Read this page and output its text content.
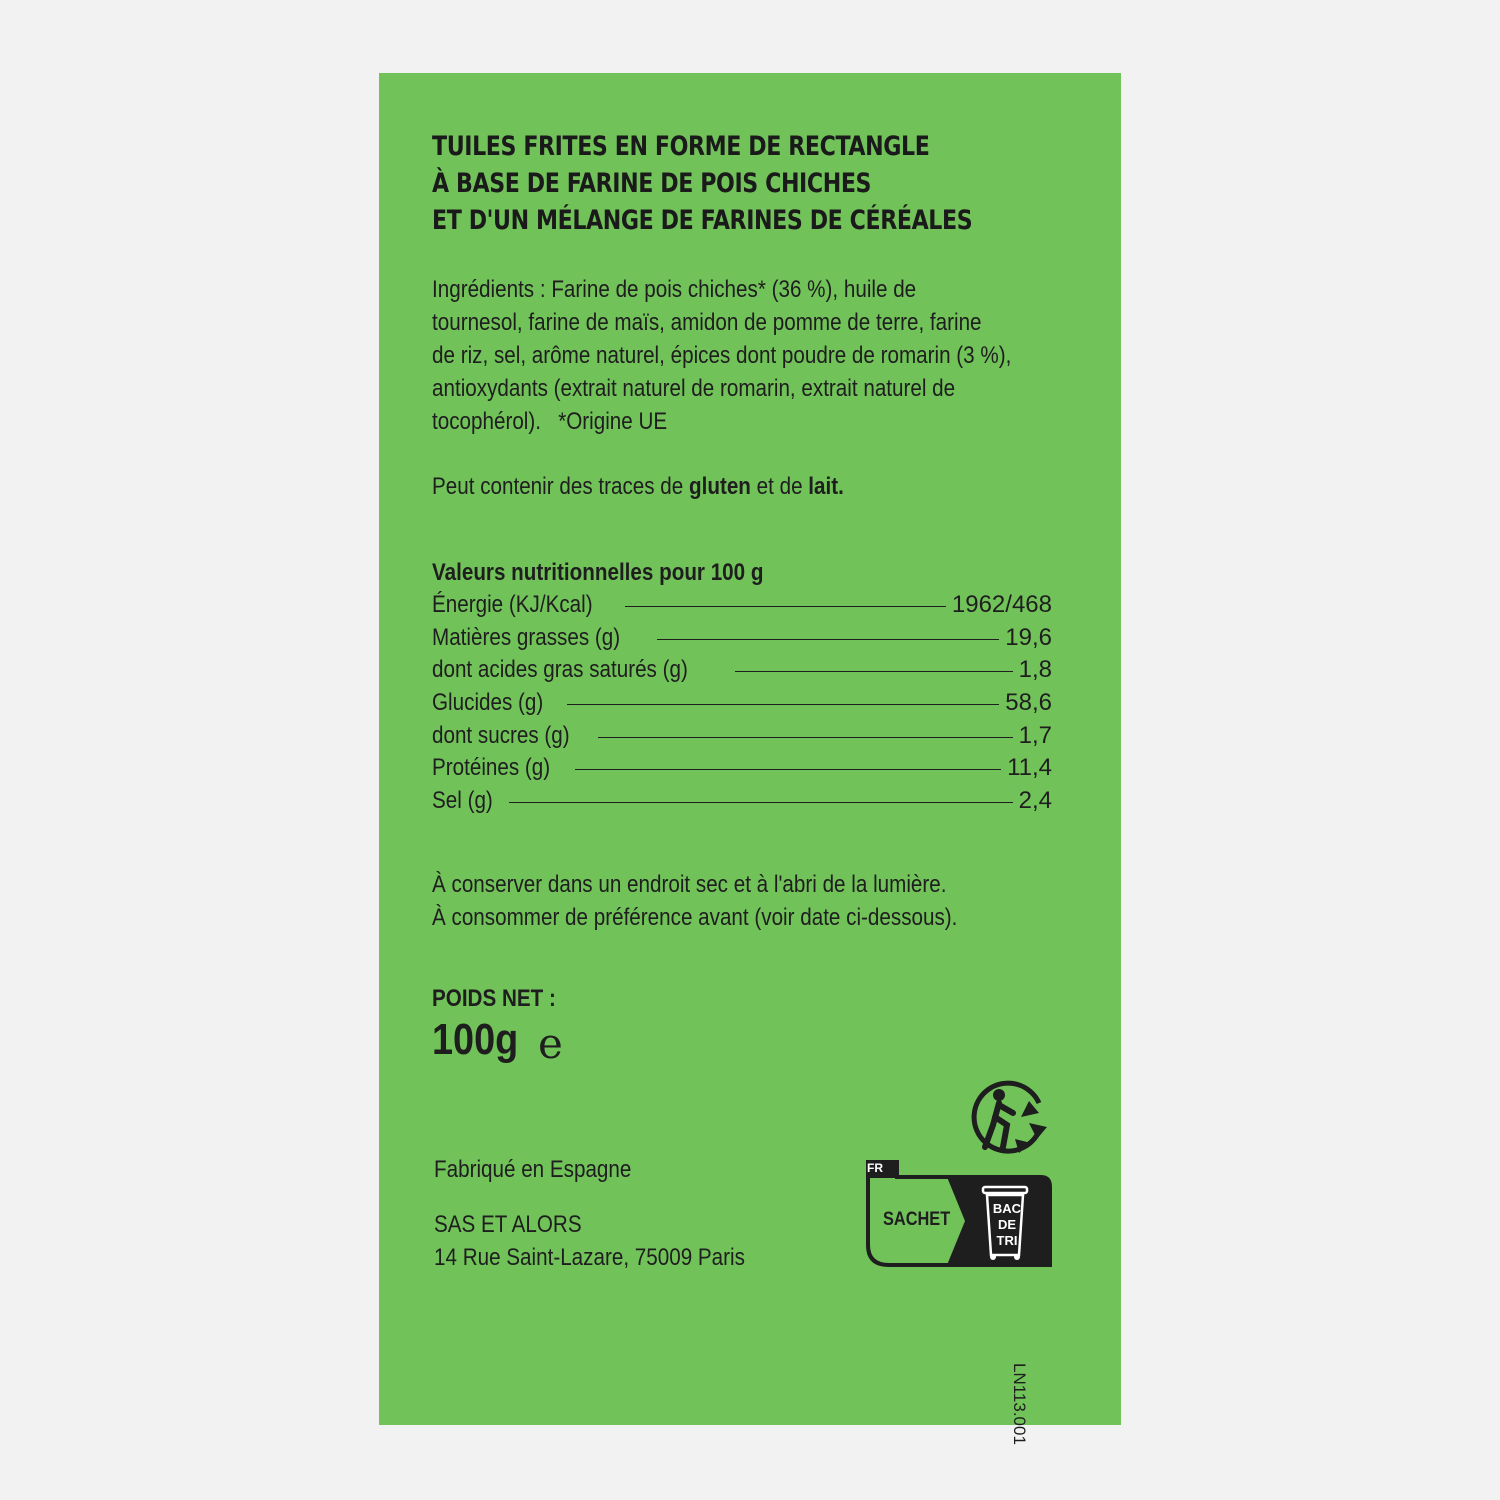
TUILES FRITES EN FORME DE RECTANGLE
À BASE DE FARINE DE POIS CHICHES
ET D'UN MÉLANGE DE FARINES DE CÉRÉALES
Ingrédients : Farine de pois chiches* (36 %), huile de
tournesol, farine de maïs, amidon de pomme de terre, farine
de riz, sel, arôme naturel, épices dont poudre de romarin (3 %),
antioxydants (extrait naturel de romarin, extrait naturel de
tocophérol).   *Origine UE
Peut contenir des traces de gluten et de lait.
Valeurs nutritionnelles pour 100 g
Énergie (KJ/Kcal)	1962/468
Matières grasses (g)	19,6
dont acides gras saturés (g)	1,8
Glucides (g)	58,6
dont sucres (g)	1,7
Protéines (g)	11,4
Sel (g)	2,4
À conserver dans un endroit sec et à l'abri de la lumière.
À consommer de préférence avant (voir date ci-dessous).
POIDS NET :
100g e
Fabriqué en Espagne
SAS ET ALORS
14 Rue Saint-Lazare, 75009 Paris
FR
SACHET
BAC
DE
TRI
LN113.001
